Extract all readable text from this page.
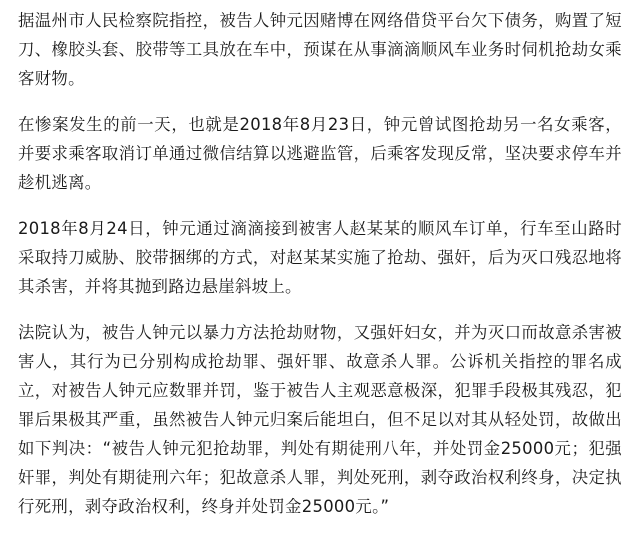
据温州市人民检察院指控，被告人钟元因赌博在网络借贷平台欠下债务，购置了短刀、橡胶头套、胶带等工具放在车中，预谋在从事滴滴顺风车业务时伺机抢劫女乘客财物。

在惨案发生的前一天，也就是2018年8月23日，钟元曾试图抢劫另一名女乘客，并要求乘客取消订单通过微信结算以逃避监管，后乘客发现反常，坚决要求停车并趁机逃离。

2018年8月24日，钟元通过滴滴接到被害人赵某某的顺风车订单，行车至山路时采取持刀威胁、胶带捆绑的方式，对赵某某实施了抢劫、强奸，后为灭口残忍地将其杀害，并将其抛到路边悬崖斜坡上。

法院认为，被告人钟元以暴力方法抢劫财物，又强奸妇女，并为灭口而故意杀害被害人，其行为已分别构成抢劫罪、强奸罪、故意杀人罪。公诉机关指控的罪名成立，对被告人钟元应数罪并罚，鉴于被告人主观恶意极深，犯罪手段极其残忍，犯罪后果极其严重，虽然被告人钟元归案后能坦白，但不足以对其从轻处罚，故做出如下判决：“被告人钟元犯抢劫罪，判处有期徒刑八年，并处罚金25000元；犯强奸罪，判处有期徒刑六年；犯故意杀人罪，判处死刑，剥夺政治权利终身，决定执行死刑，剥夺政治权利，终身并处罚金25000元。”
